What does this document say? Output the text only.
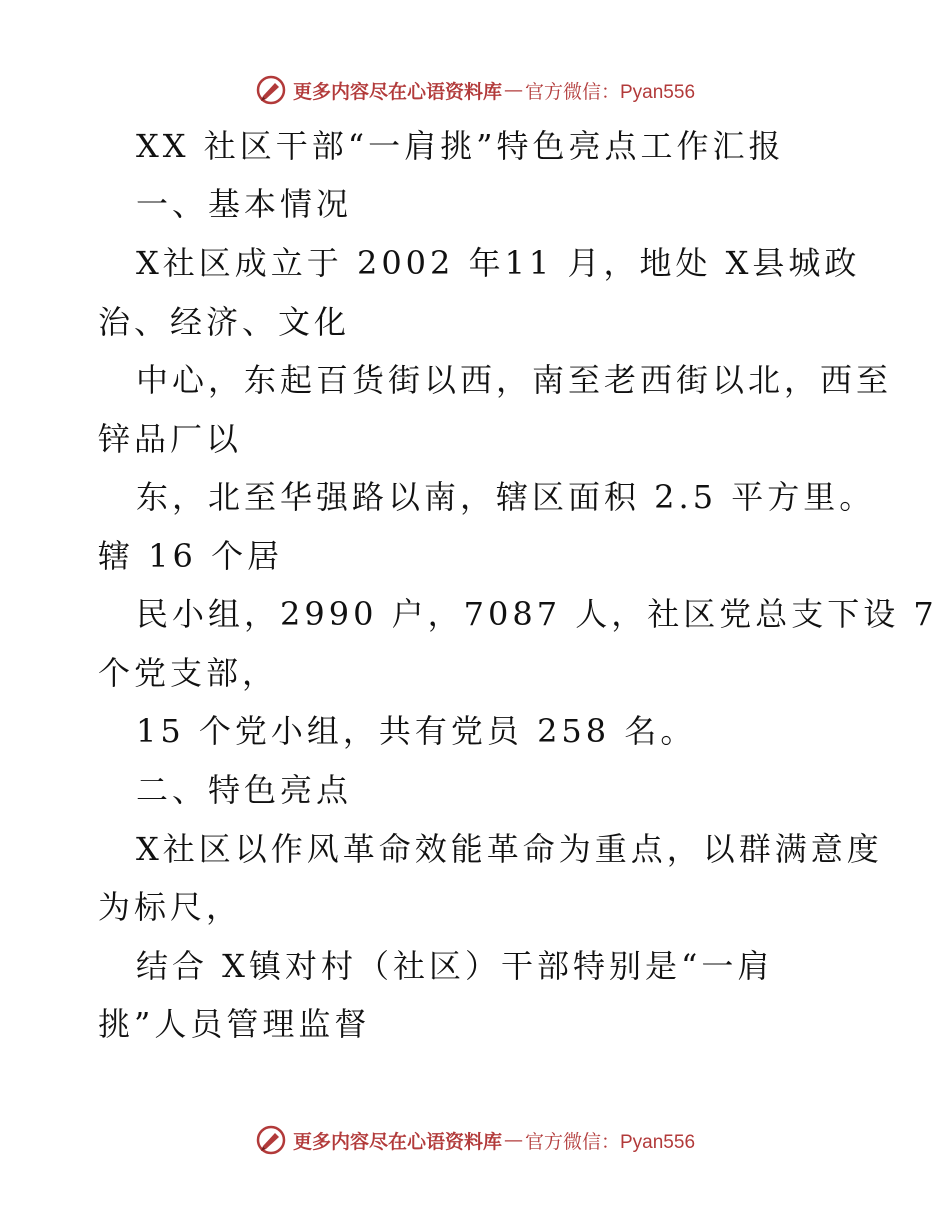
更多内容尽在心语资料库 — 官方微信：Pyan556
XX 社区干部“一肩挑”特色亮点工作汇报
一、基本情况
X社区成立于 2002 年11 月，地处 X县城政
治、经济、文化
中心，东起百货街以西，南至老西街以北，西至
锌品厂以
东，北至华强路以南，辖区面积 2.5 平方里。
辖 16 个居
民小组，2990 户，7087 人，社区党总支下设 7
个党支部，
15 个党小组，共有党员 258 名。
二、特色亮点
X社区以作风革命效能革命为重点，以群满意度
为标尺，
结合 X镇对村（社区）干部特别是“一肩
挑”人员管理监督
更多内容尽在心语资料库 — 官方微信：Pyan556
